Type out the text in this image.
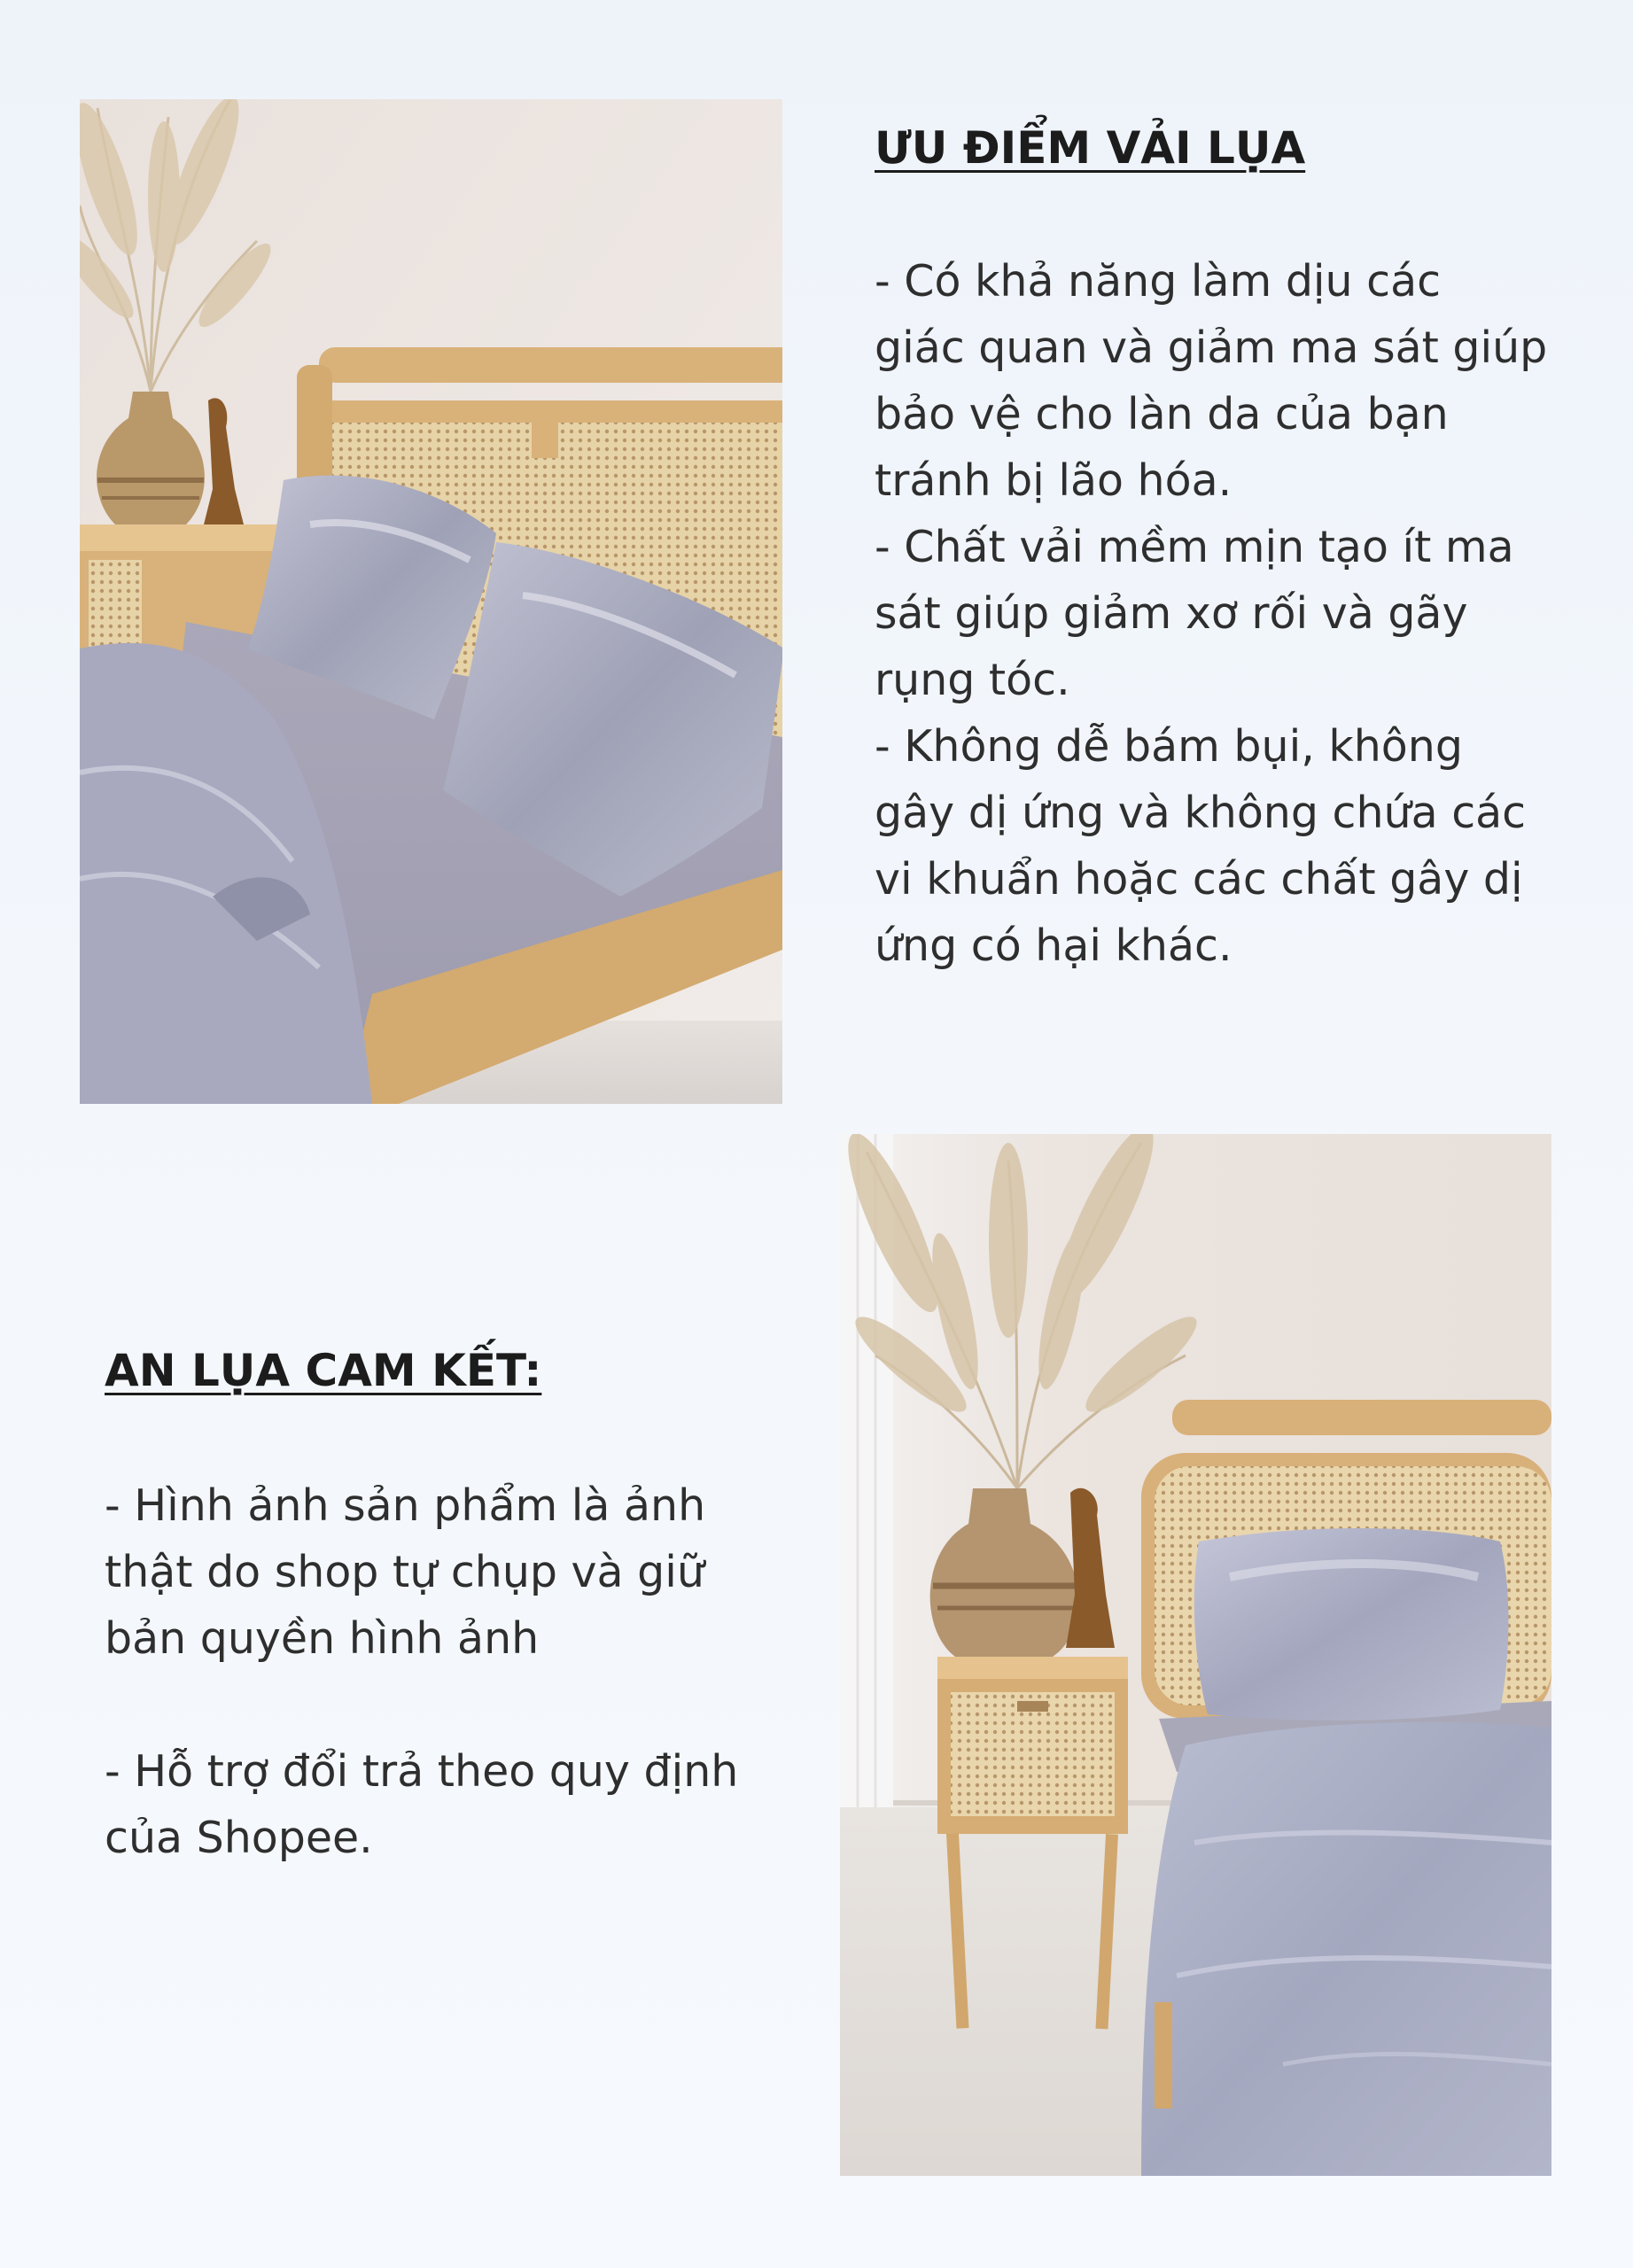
ƯU ĐIỂM VẢI LỤA
- Có khả năng làm dịu các
giác quan và giảm ma sát giúp
bảo vệ cho làn da của bạn
tránh bị lão hóa.
- Chất vải mềm mịn tạo ít ma
sát giúp giảm xơ rối và gãy
rụng tóc.
- Không dễ bám bụi, không
gây dị ứng và không chứa các
vi khuẩn hoặc các chất gây dị
ứng có hại khác.
AN LỤA CAM KẾT:
- Hình ảnh sản phẩm là ảnh
thật do shop tự chụp và giữ
bản quyền hình ảnh
- Hỗ trợ đổi trả theo quy định
của Shopee.
